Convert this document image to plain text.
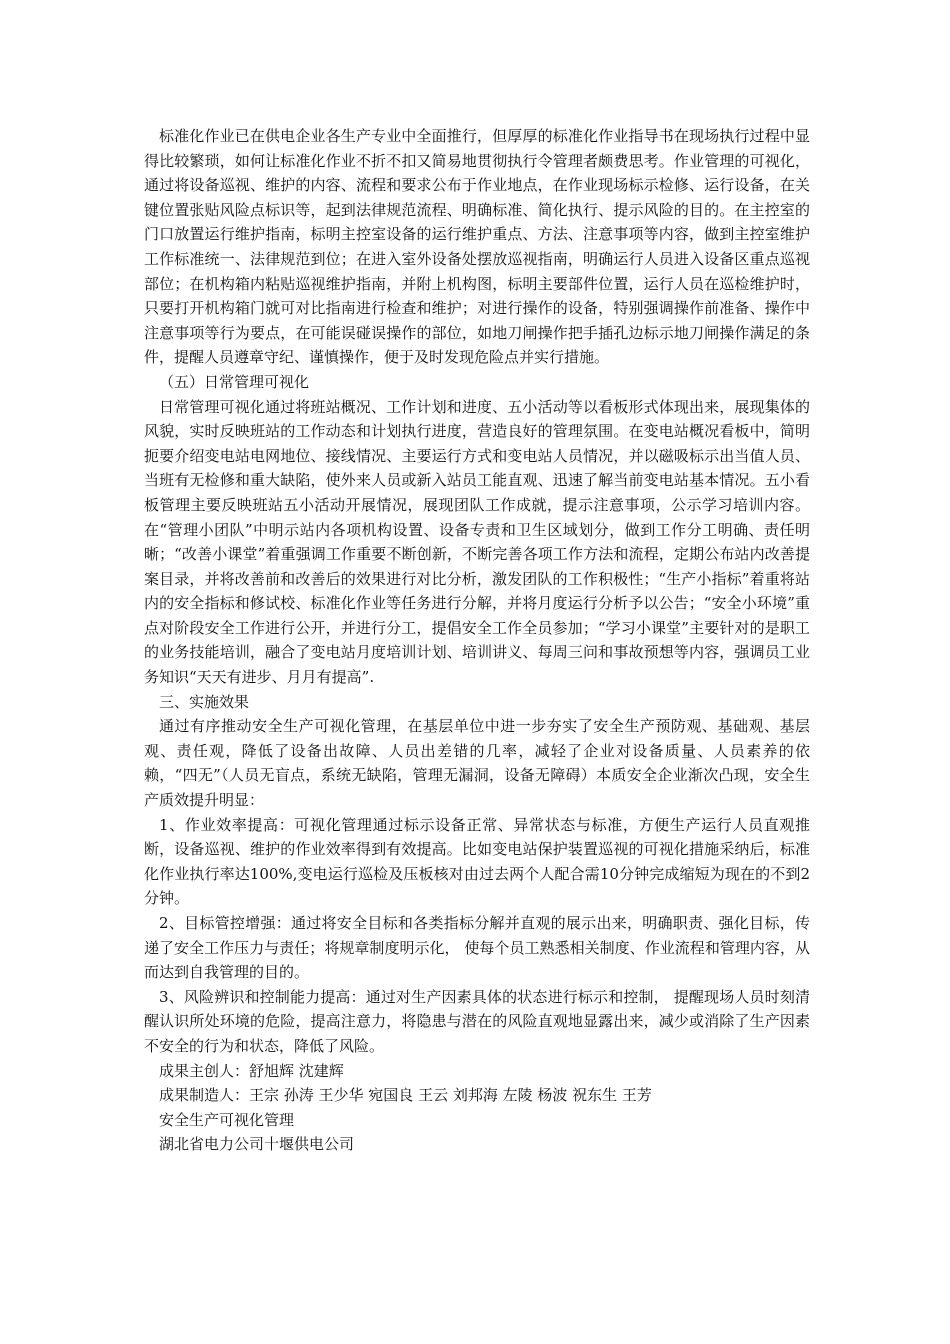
标准化作业已在供电企业各生产专业中全面推行，但厚厚的标准化作业指导书在现场执行过程中显得比较繁琐，如何让标准化作业不折不扣又简易地贯彻执行令管理者颇费思考。作业管理的可视化，通过将设备巡视、维护的内容、流程和要求公布于作业地点，在作业现场标示检修、运行设备，在关键位置张贴风险点标识等，起到法律规范流程、明确标准、简化执行、提示风险的目的。在主控室的门口放置运行维护指南，标明主控室设备的运行维护重点、方法、注意事项等内容，做到主控室维护工作标准统一、法律规范到位；在进入室外设备处摆放巡视指南，明确运行人员进入设备区重点巡视部位；在机构箱内粘贴巡视维护指南，并附上机构图，标明主要部件位置，运行人员在巡检维护时，只要打开机构箱门就可对比指南进行检查和维护；对进行操作的设备，特别强调操作前准备、操作中注意事项等行为要点，在可能误碰误操作的部位，如地刀闸操作把手插孔边标示地刀闸操作满足的条件，提醒人员遵章守纪、谨慎操作，便于及时发现危险点并实行措施。

（五）日常管理可视化

日常管理可视化通过将班站概况、工作计划和进度、五小活动等以看板形式体现出来，展现集体的风貌，实时反映班站的工作动态和计划执行进度，营造良好的管理氛围。在变电站概况看板中，简明扼要介绍变电站电网地位、接线情况、主要运行方式和变电站人员情况，并以磁吸标示出当值人员、当班有无检修和重大缺陷，使外来人员或新入站员工能直观、迅速了解当前变电站基本情况。五小看板管理主要反映班站五小活动开展情况，展现团队工作成就，提示注意事项，公示学习培训内容。在“管理小团队”中明示站内各项机构设置、设备专责和卫生区域划分，做到工作分工明确、责任明晰；“改善小课堂”着重强调工作重要不断创新，不断完善各项工作方法和流程，定期公布站内改善提案目录，并将改善前和改善后的效果进行对比分析，激发团队的工作积极性；“生产小指标”着重将站内的安全指标和修试校、标准化作业等任务进行分解，并将月度运行分析予以公告；“安全小环境”重点对阶段安全工作进行公开，并进行分工，提倡安全工作全员参加；“学习小课堂”主要针对的是职工的业务技能培训，融合了变电站月度培训计划、培训讲义、每周三问和事故预想等内容，强调员工业务知识“天天有进步、月月有提高”.

三、实施效果

通过有序推动安全生产可视化管理，在基层单位中进一步夯实了安全生产预防观、基础观、基层观、责任观，降低了设备出故障、人员出差错的几率，减轻了企业对设备质量、人员素养的依赖，“四无”（人员无盲点，系统无缺陷，管理无漏洞，设备无障碍）本质安全企业渐次凸现，安全生产质效提升明显：

1、作业效率提高：可视化管理通过标示设备正常、异常状态与标准，方便生产运行人员直观推断，设备巡视、维护的作业效率得到有效提高。比如变电站保护装置巡视的可视化措施采纳后，标准化作业执行率达100%,变电运行巡检及压板核对由过去两个人配合需10分钟完成缩短为现在的不到2分钟。

2、目标管控增强：通过将安全目标和各类指标分解并直观的展示出来，明确职责、强化目标，传递了安全工作压力与责任；将规章制度明示化， 使每个员工熟悉相关制度、作业流程和管理内容，从而达到自我管理的目的。

3、风险辨识和控制能力提高：通过对生产因素具体的状态进行标示和控制， 提醒现场人员时刻清醒认识所处环境的危险，提高注意力，将隐患与潜在的风险直观地显露出来，减少或消除了生产因素不安全的行为和状态，降低了风险。

成果主创人：舒旭辉 沈建辉

成果制造人：王宗 孙涛 王少华 宛国良 王云 刘邦海 左陵 杨波 祝东生 王芳

安全生产可视化管理

湖北省电力公司十堰供电公司
